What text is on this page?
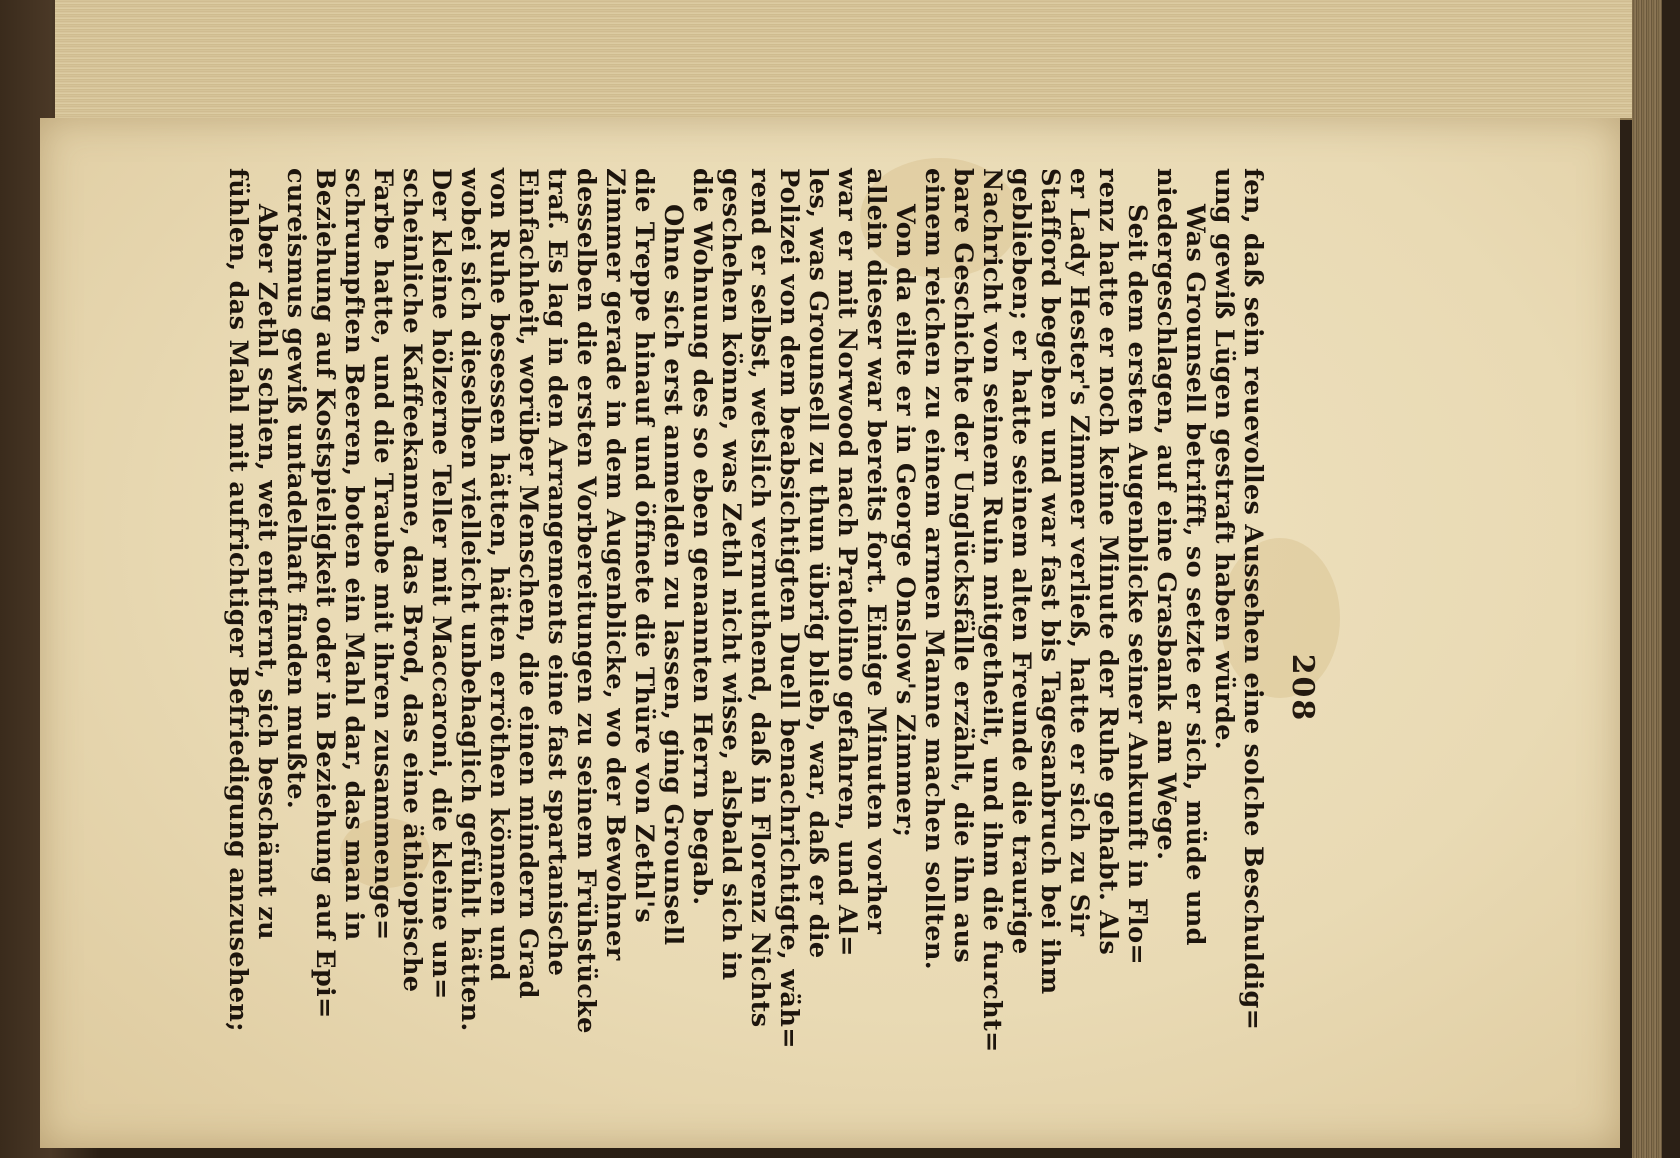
208
fen, daß sein reuevolles Aussehen eine solche Beschuldig=
ung gewiß Lügen gestraft haben würde.
Was Grounsell betrifft, so setzte er sich, müde und
niedergeschlagen, auf eine Grasbank am Wege.
Seit dem ersten Augenblicke seiner Ankunft in Flo=
renz hatte er noch keine Minute der Ruhe gehabt. Als
er Lady Hester's Zimmer verließ, hatte er sich zu Sir
Stafford begeben und war fast bis Tagesanbruch bei ihm
geblieben; er hatte seinem alten Freunde die traurige
Nachricht von seinem Ruin mitgetheilt, und ihm die furcht=
bare Geschichte der Unglücksfälle erzählt, die ihn aus
einem reichen zu einem armen Manne machen sollten.
Von da eilte er in George Onslow's Zimmer;
allein dieser war bereits fort. Einige Minuten vorher
war er mit Norwood nach Pratolino gefahren, und Al=
les, was Grounsell zu thun übrig blieb, war, daß er die
Polizei von dem beabsichtigten Duell benachrichtigte, wäh=
rend er selbst, wetslich vermuthend, daß in Florenz Nichts
geschehen könne, was Zethl nicht wisse, alsbald sich in
die Wohnung des so eben genannten Herrn begab.
Ohne sich erst anmelden zu lassen, ging Grounsell
die Treppe hinauf und öffnete die Thüre von Zethl's
Zimmer gerade in dem Augenblicke, wo der Bewohner
desselben die ersten Vorbereitungen zu seinem Frühstücke
traf. Es lag in den Arrangements eine fast spartanische
Einfachheit, worüber Menschen, die einen mindern Grad
von Ruhe besessen hätten, hätten erröthen können und
wobei sich dieselben vielleicht unbehaglich gefühlt hätten.
Der kleine hölzerne Teller mit Maccaroni, die kleine un=
scheinliche Kaffeekanne, das Brod, das eine äthiopische
Farbe hatte, und die Traube mit ihren zusammenge=
schrumpften Beeren, boten ein Mahl dar, das man in
Beziehung auf Kostspieligkeit oder in Beziehung auf Epi=
cureismus gewiß untadelhaft finden mußte.
Aber Zethl schien, weit entfernt, sich beschämt zu
fühlen, das Mahl mit aufrichtiger Befriedigung anzusehen;
